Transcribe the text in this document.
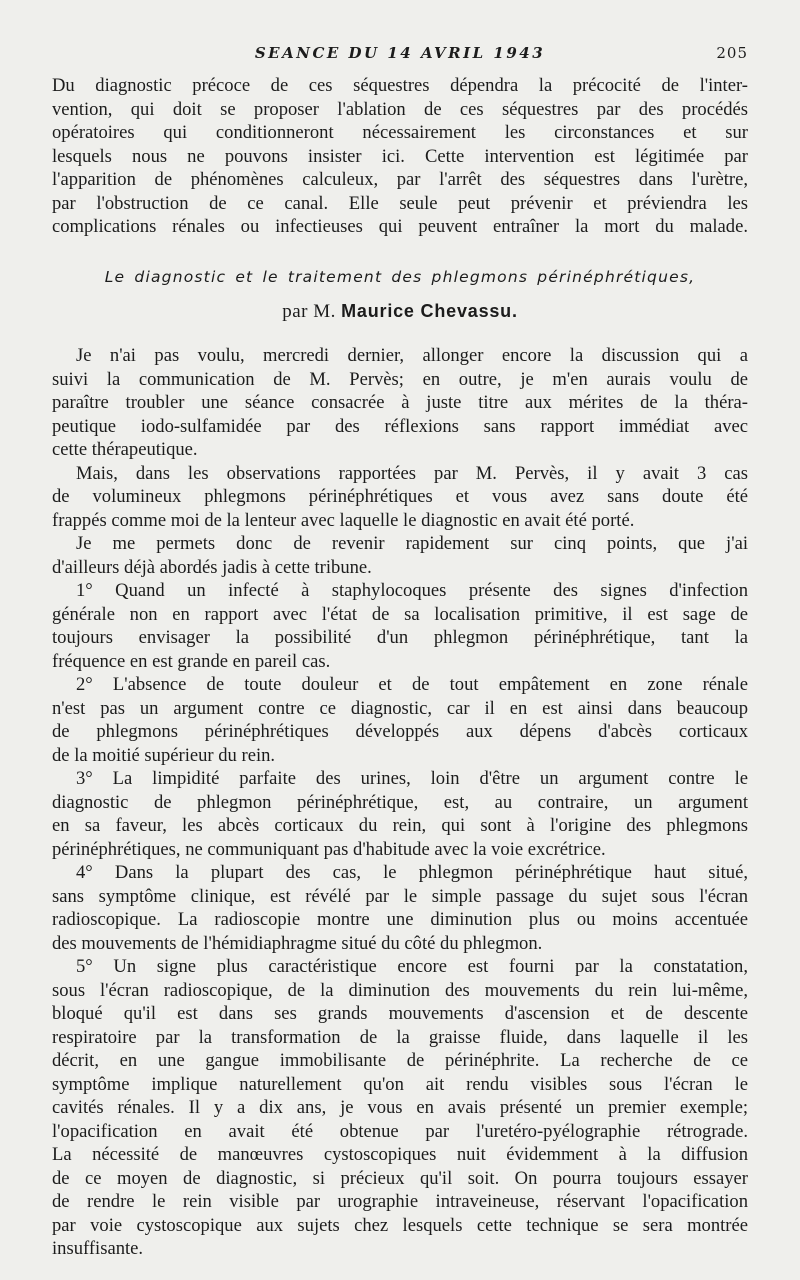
SEANCE DU 14 AVRIL 1943	205
Du diagnostic précoce de ces séquestres dépendra la précocité de l'inter-
vention, qui doit se proposer l'ablation de ces séquestres par des procédés
opératoires qui conditionneront nécessairement les circonstances et sur
lesquels nous ne pouvons insister ici. Cette intervention est légitimée par
l'apparition de phénomènes calculeux, par l'arrêt des séquestres dans l'urètre,
par l'obstruction de ce canal. Elle seule peut prévenir et préviendra les
complications rénales ou infectieuses qui peuvent entraîner la mort du malade.
Le diagnostic et le traitement des phlegmons périnéphrétiques,
par M. Maurice Chevassu.
Je n'ai pas voulu, mercredi dernier, allonger encore la discussion qui a
suivi la communication de M. Pervès; en outre, je m'en aurais voulu de
paraître troubler une séance consacrée à juste titre aux mérites de la théra-
peutique iodo-sulfamidée par des réflexions sans rapport immédiat avec
cette thérapeutique.
Mais, dans les observations rapportées par M. Pervès, il y avait 3 cas
de volumineux phlegmons périnéphrétiques et vous avez sans doute été
frappés comme moi de la lenteur avec laquelle le diagnostic en avait été porté.
Je me permets donc de revenir rapidement sur cinq points, que j'ai
d'ailleurs déjà abordés jadis à cette tribune.
1° Quand un infecté à staphylocoques présente des signes d'infection
générale non en rapport avec l'état de sa localisation primitive, il est sage de
toujours envisager la possibilité d'un phlegmon périnéphrétique, tant la
fréquence en est grande en pareil cas.
2° L'absence de toute douleur et de tout empâtement en zone rénale
n'est pas un argument contre ce diagnostic, car il en est ainsi dans beaucoup
de phlegmons périnéphrétiques développés aux dépens d'abcès corticaux
de la moitié supérieur du rein.
3° La limpidité parfaite des urines, loin d'être un argument contre le
diagnostic de phlegmon périnéphrétique, est, au contraire, un argument
en sa faveur, les abcès corticaux du rein, qui sont à l'origine des phlegmons
périnéphrétiques, ne communiquant pas d'habitude avec la voie excrétrice.
4° Dans la plupart des cas, le phlegmon périnéphrétique haut situé,
sans symptôme clinique, est révélé par le simple passage du sujet sous l'écran
radioscopique. La radioscopie montre une diminution plus ou moins accentuée
des mouvements de l'hémidiaphragme situé du côté du phlegmon.
5° Un signe plus caractéristique encore est fourni par la constatation,
sous l'écran radioscopique, de la diminution des mouvements du rein lui-même,
bloqué qu'il est dans ses grands mouvements d'ascension et de descente
respiratoire par la transformation de la graisse fluide, dans laquelle il les
décrit, en une gangue immobilisante de périnéphrite. La recherche de ce
symptôme implique naturellement qu'on ait rendu visibles sous l'écran le
cavités rénales. Il y a dix ans, je vous en avais présenté un premier exemple;
l'opacification en avait été obtenue par l'uretéro-pyélographie rétrograde.
La nécessité de manœuvres cystoscopiques nuit évidemment à la diffusion
de ce moyen de diagnostic, si précieux qu'il soit. On pourra toujours essayer
de rendre le rein visible par urographie intraveineuse, réservant l'opacification
par voie cystoscopique aux sujets chez lesquels cette technique se sera montrée
insuffisante.
